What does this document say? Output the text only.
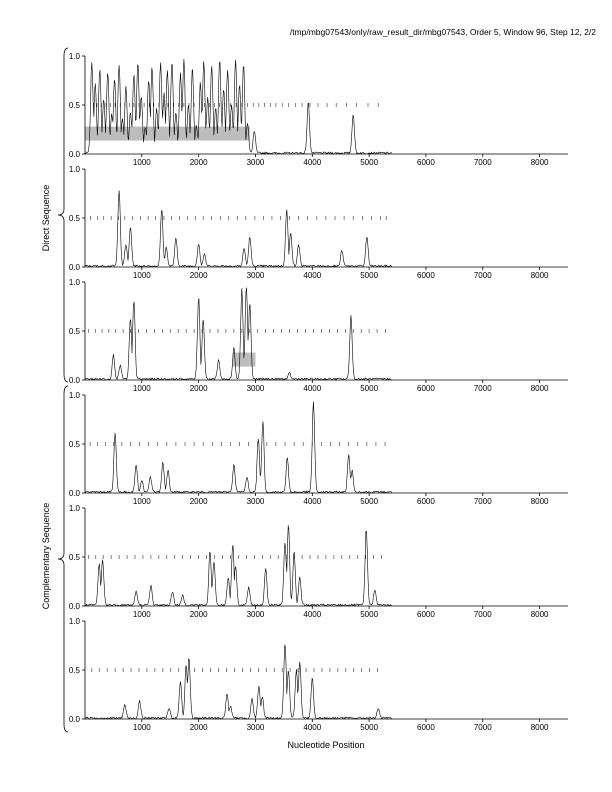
/tmp/mbg07543/only/raw_result_dir/mbg07543, Order 5, Window 96, Step 12, 2/2
Nucleotide Position
Direct Sequence
Complementary Sequence
0.0
0.5
1.0
1000	2000	3000	4000	5000	6000	7000	8000
0.0
0.5
1.0
1000	2000	3000	4000	5000	6000	7000	8000
0.0
0.5
1.0
1000	2000	3000	4000	5000	6000	7000	8000
0.0
0.5
1.0
1000	2000	3000	4000	5000	6000	7000	8000
0.0
0.5
1.0
1000	2000	3000	4000	5000	6000	7000	8000
0.0
0.5
1.0
1000	2000	3000	4000	5000	6000	7000	8000
